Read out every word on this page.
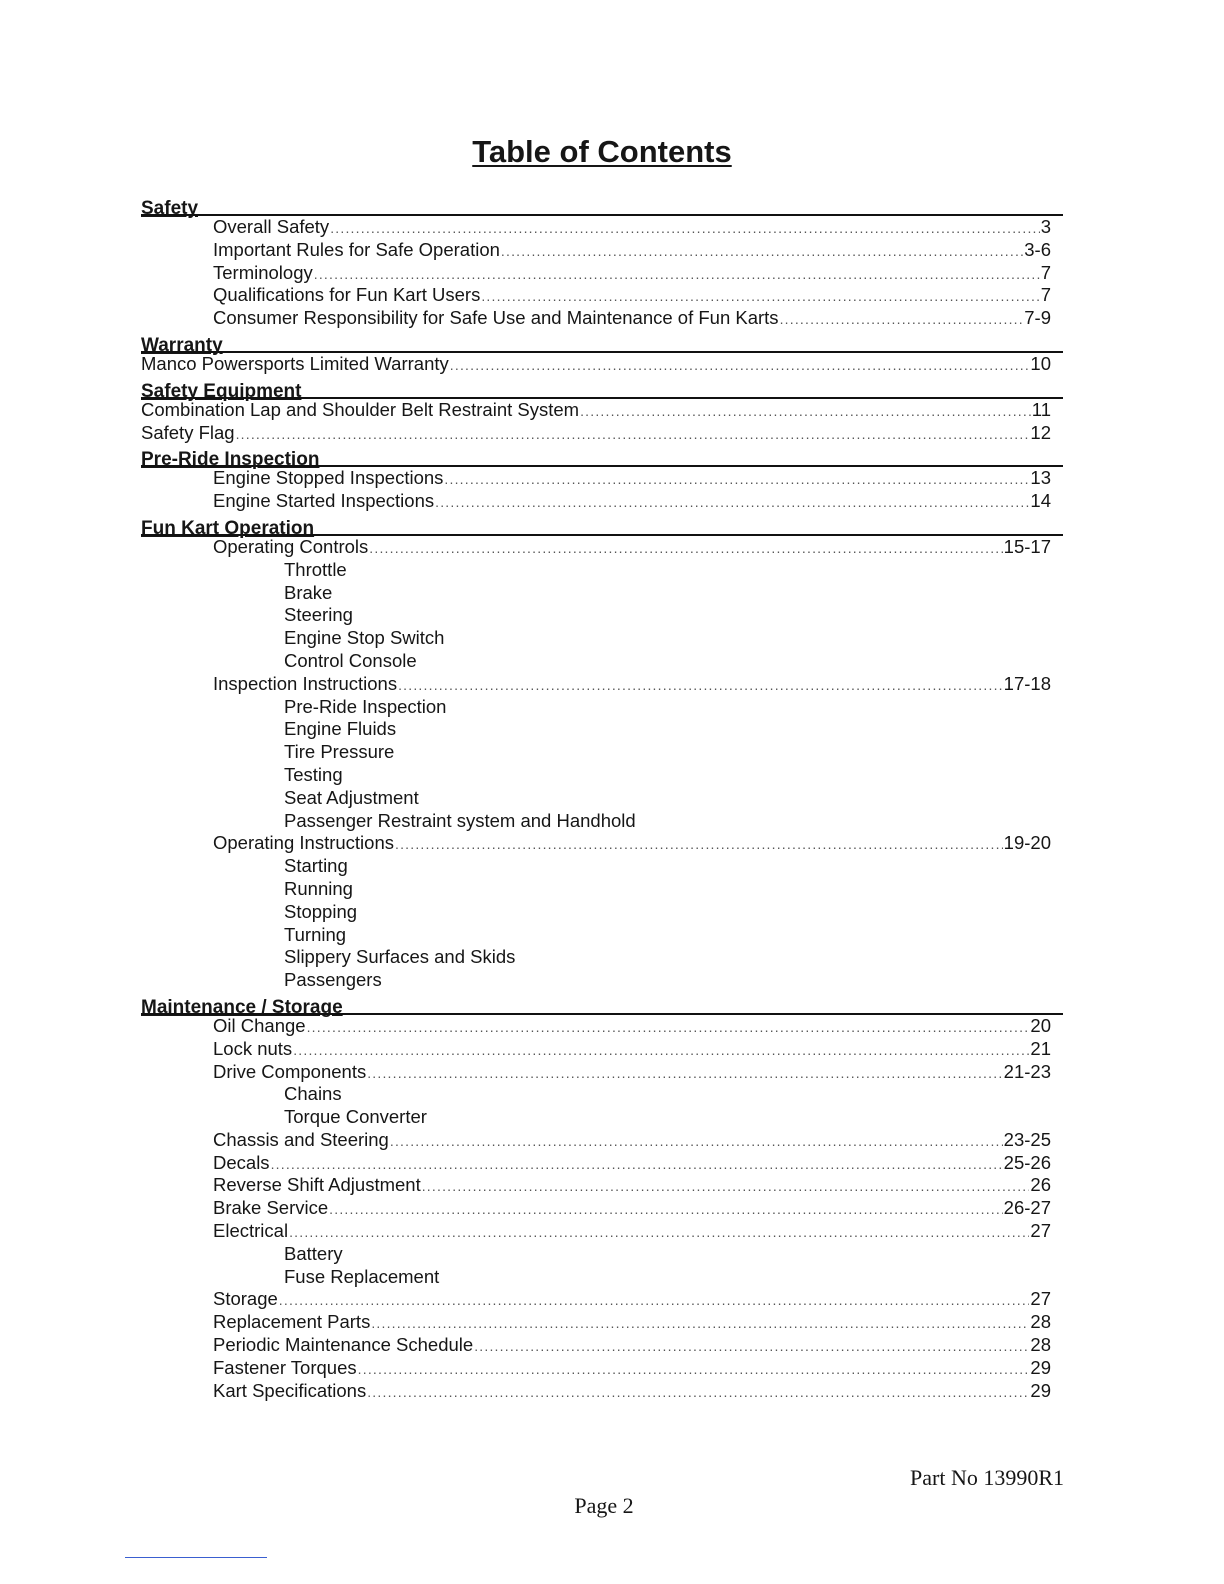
Table of Contents
Safety
Overall Safety .....	3
Important Rules for Safe Operation .....	3-6
Terminology .....	7
Qualifications for Fun Kart Users .....	7
Consumer Responsibility for Safe Use and Maintenance of Fun Karts .....	7-9
Warranty
Manco Powersports Limited Warranty .....	10
Safety Equipment
Combination Lap and Shoulder Belt Restraint System .....	11
Safety Flag .....	12
Pre-Ride Inspection
Engine Stopped Inspections .....	13
Engine Started Inspections .....	14
Fun Kart Operation
Operating Controls .....	15-17
Throttle
Brake
Steering
Engine Stop Switch
Control Console
Inspection Instructions .....	17-18
Pre-Ride Inspection
Engine Fluids
Tire Pressure
Testing
Seat Adjustment
Passenger Restraint system and Handhold
Operating Instructions .....	19-20
Starting
Running
Stopping
Turning
Slippery Surfaces and Skids
Passengers
Maintenance / Storage
Oil Change .....	20
Lock nuts .....	21
Drive Components .....	21-23
Chains
Torque Converter
Chassis and Steering .....	23-25
Decals .....	25-26
Reverse Shift Adjustment .....	26
Brake Service .....	26-27
Electrical .....	27
Battery
Fuse Replacement
Storage .....	27
Replacement Parts .....	28
Periodic Maintenance Schedule .....	28
Fastener Torques .....	29
Kart Specifications .....	29
Part No 13990R1
Page 2
